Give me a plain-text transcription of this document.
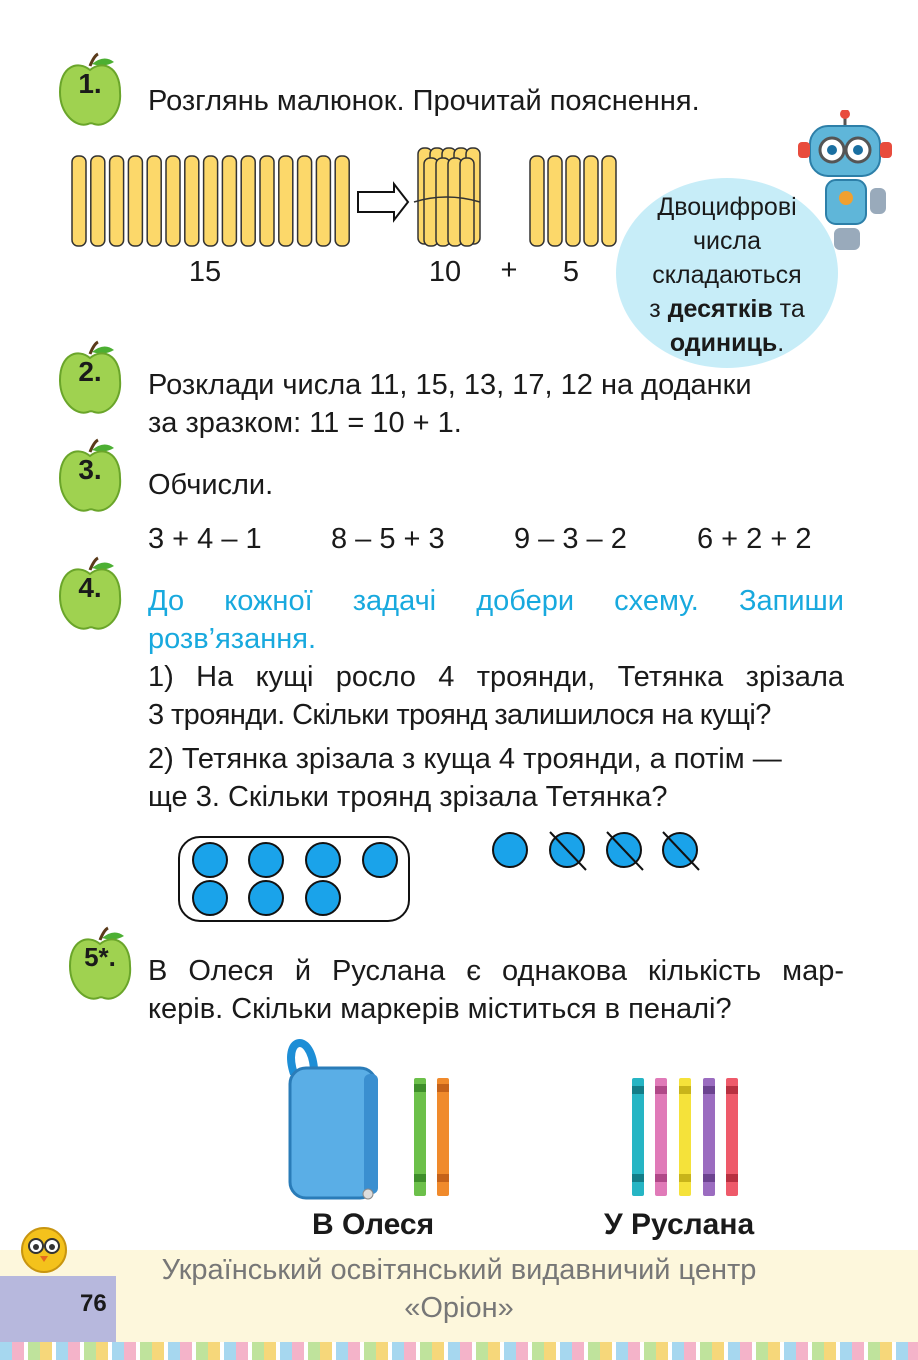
1.
Розглянь малюнок. Прочитай пояснення.
15	10	+ 5
Двоцифрові
числа
складаються
з десятків та
одиниць.
2.	Розклади числа 11, 15, 13, 17, 12 на доданки
за зразком: 11 = 10 + 1.
3.	Обчисли.
3 + 4 – 1 8 – 5 + 3 9 – 3 – 2 6 + 2 + 2
4.	До кожної задачі добери схему. Запиши
розв’язання.
1) На кущі росло 4 троянди, Тетянка зрізала
3 троянди. Скільки троянд залишилося на кущі?
2) Тетянка зрізала з куща 4 троянди, а потім —
ще 3. Скільки троянд зрізала Тетянка?
5*.	В Олеся й Руслана є однакова кількість мар-
керів. Скільки маркерів міститься в пеналі?
В Олеся	У Руслана
76
Український освітянський видавничий центр
«Оріон»
